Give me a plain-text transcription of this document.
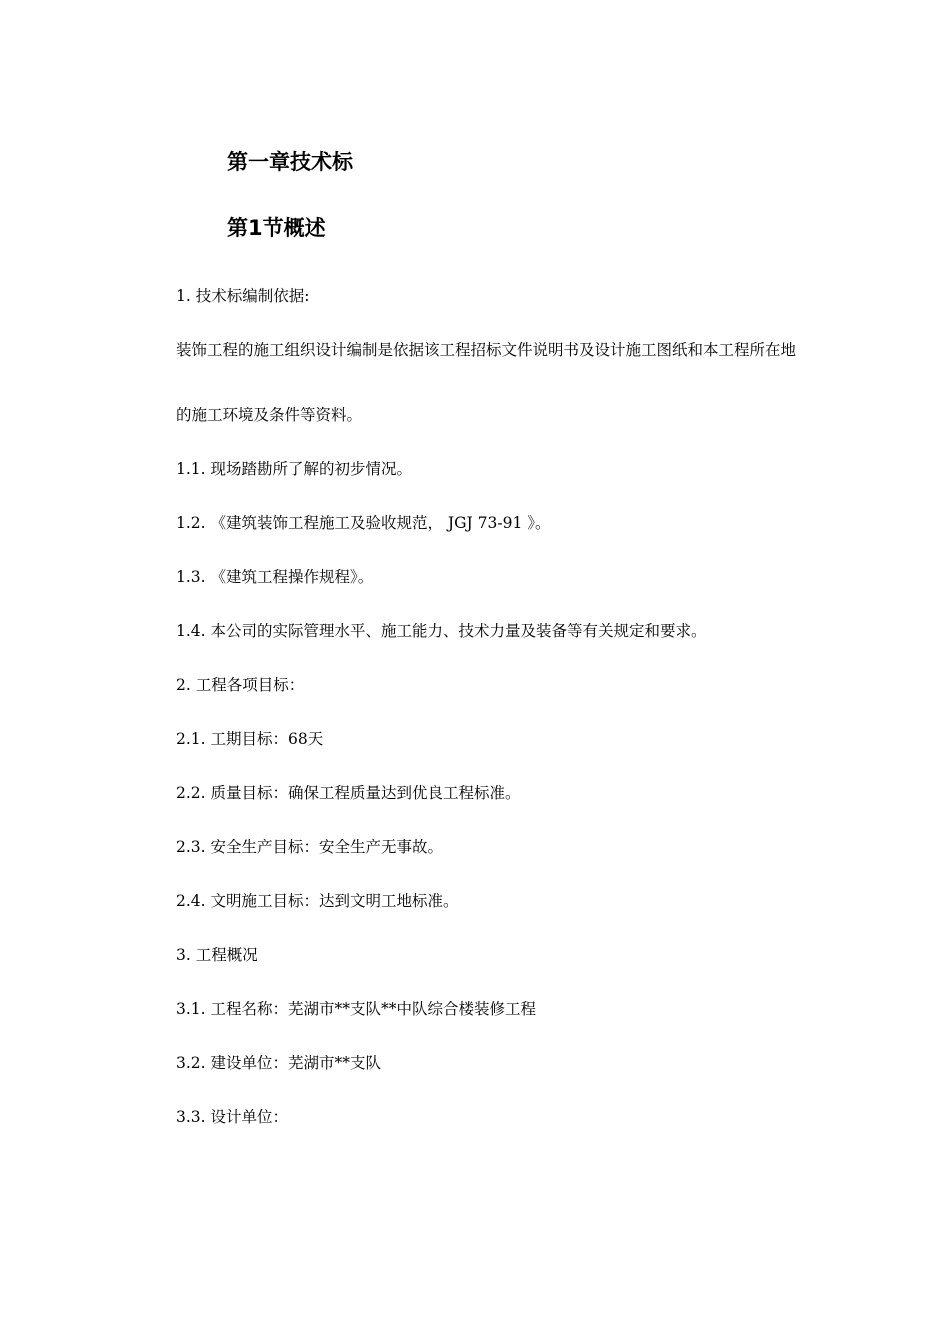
第一章技术标
第1节概述
1. 技术标编制依据:
装饰工程的施工组织设计编制是依据该工程招标文件说明书及设计施工图纸和本工程所在地
的施工环境及条件等资料。
1.1. 现场踏勘所了解的初步情况。
1.2. 《建筑装饰工程施工及验收规范， JGJ 73-91 》。
1.3. 《建筑工程操作规程》。
1.4. 本公司的实际管理水平、施工能力、技术力量及装备等有关规定和要求。
2. 工程各项目标：
2.1. 工期目标：68天
2.2. 质量目标：确保工程质量达到优良工程标准。
2.3. 安全生产目标：安全生产无事故。
2.4. 文明施工目标：达到文明工地标准。
3. 工程概况
3.1. 工程名称：芜湖市**支队**中队综合楼装修工程
3.2. 建设单位：芜湖市**支队
3.3. 设计单位：
